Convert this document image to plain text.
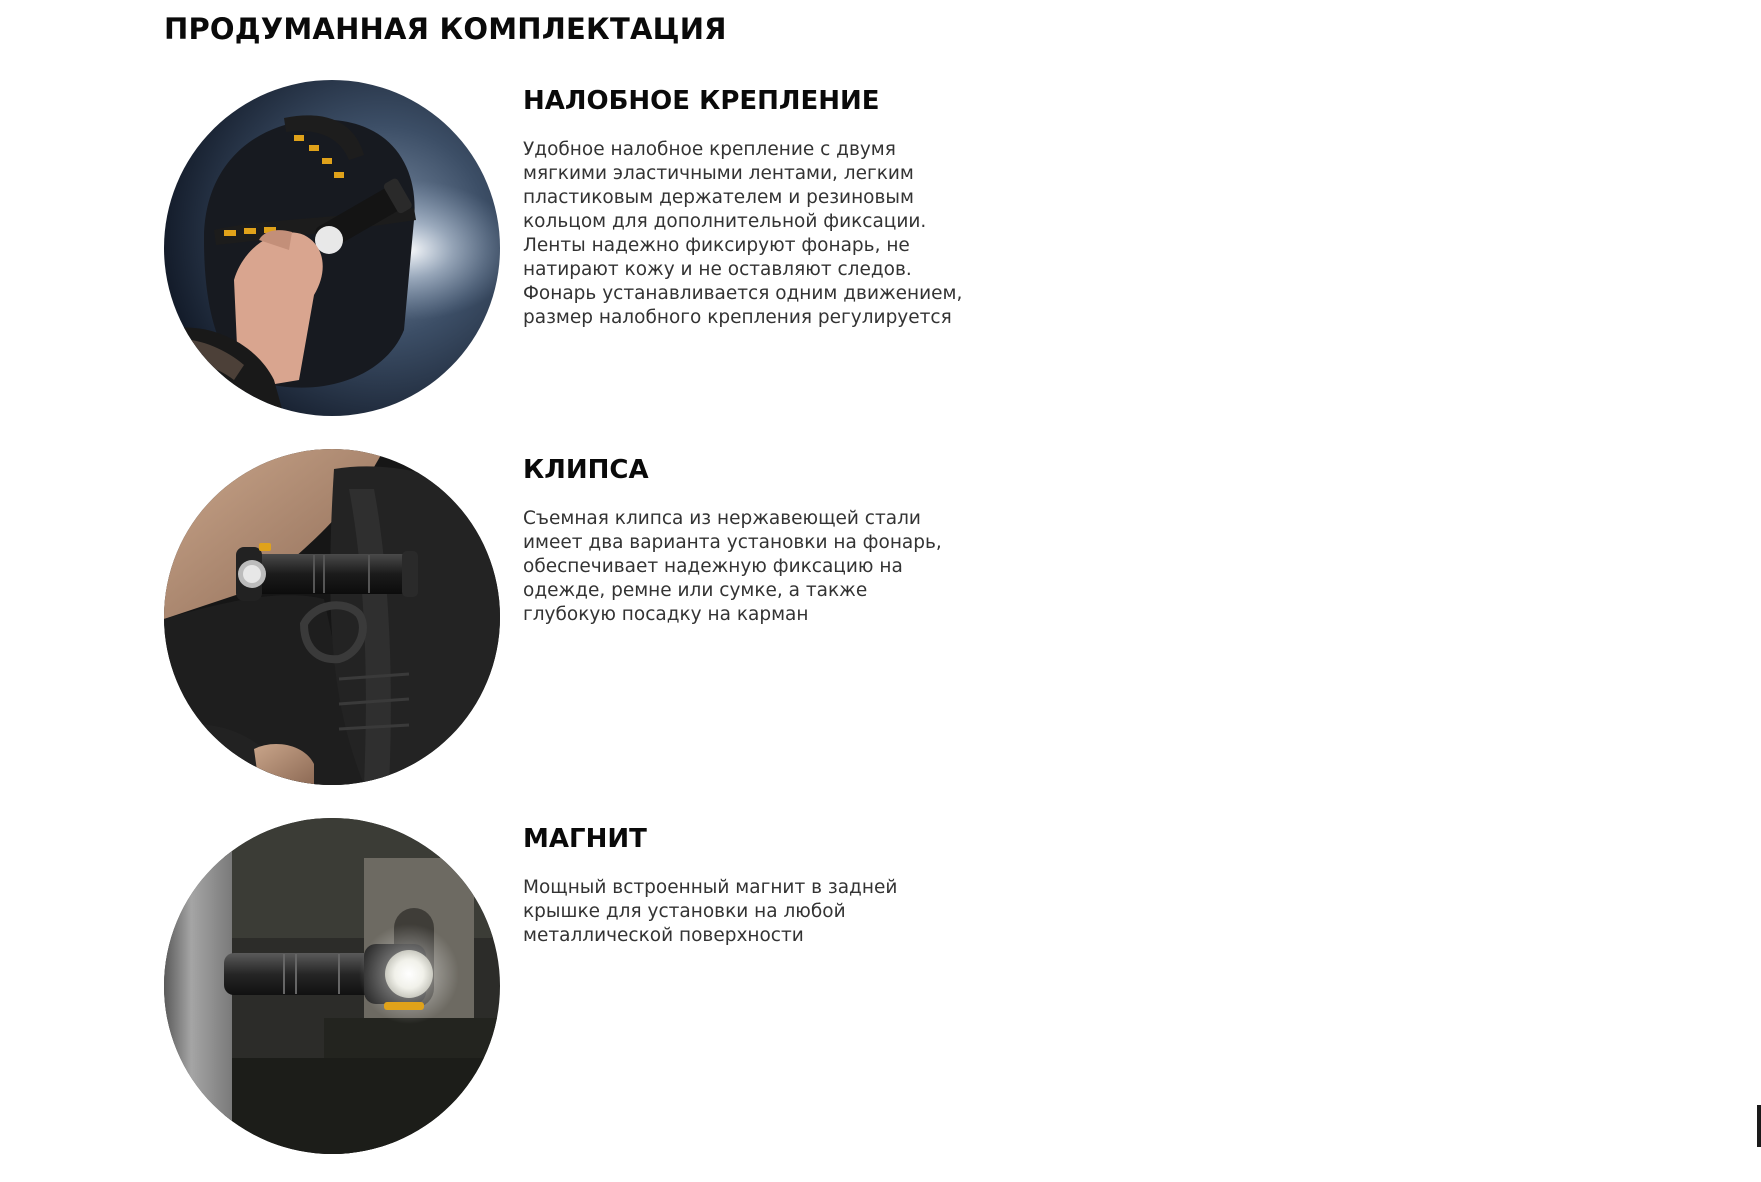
ПРОДУМАННАЯ КОМПЛЕКТАЦИЯ
НАЛОБНОЕ КРЕПЛЕНИЕ

Удобное налобное крепление с двумя мягкими эластичными лентами, легким пластиковым держателем и резиновым кольцом для дополнительной фиксации. Ленты надежно фиксируют фонарь, не натирают кожу и не оставляют следов. Фонарь устанавливается одним движением, размер налобного крепления регулируется

КЛИПСА

Съемная клипса из нержавеющей стали имеет два варианта установки на фонарь, обеспечивает надежную фиксацию на одежде, ремне или сумке, а также глубокую посадку на карман

МАГНИТ

Мощный встроенный магнит в задней крышке для установки на любой металлической поверхности
